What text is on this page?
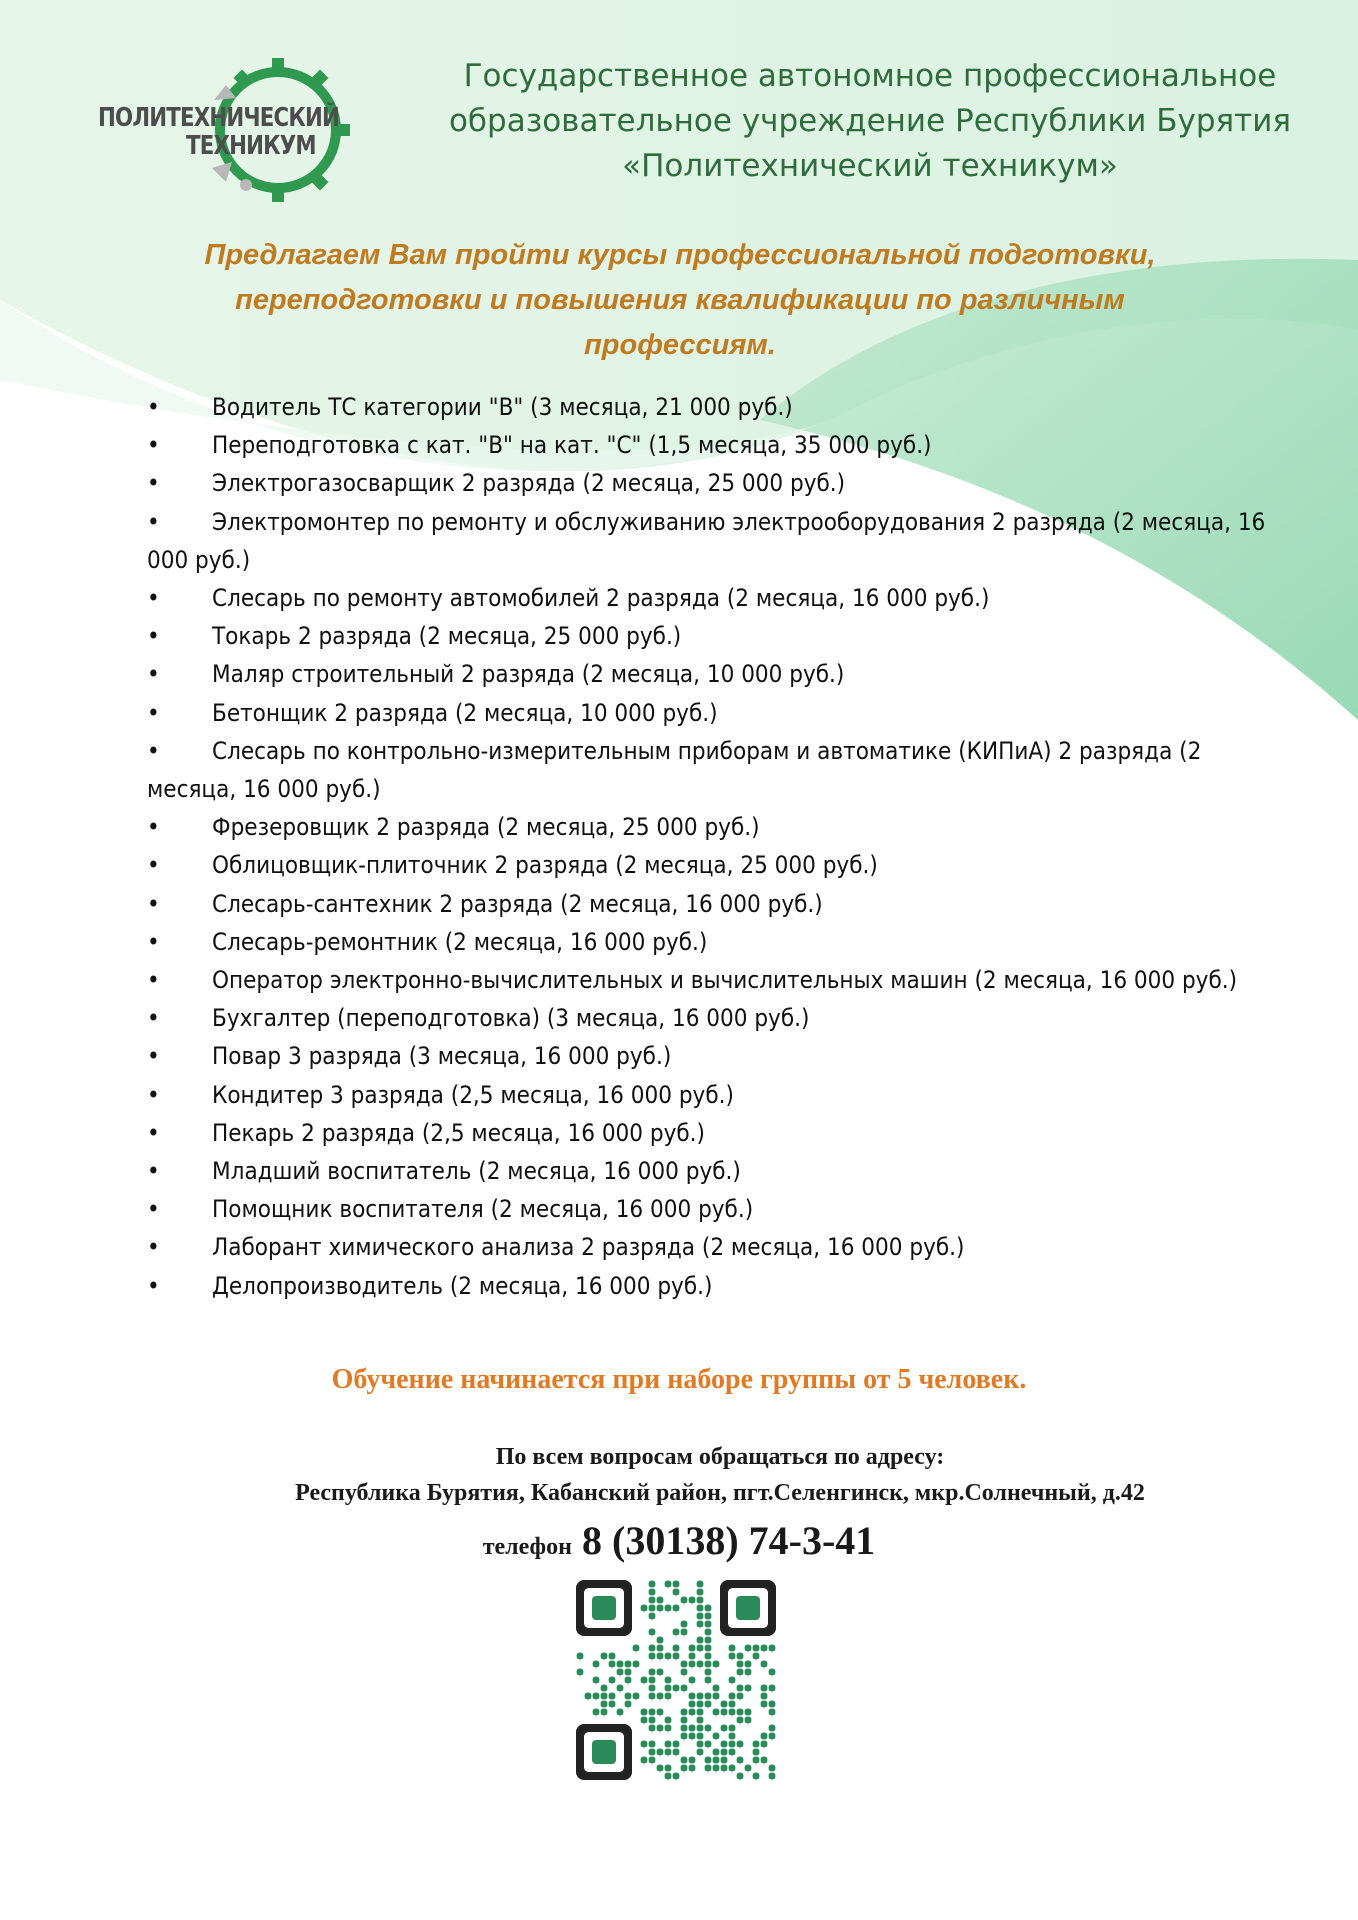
ПОЛИТЕХНИЧЕСКИЙ
ТЕХНИКУМ
Государственное автономное профессиональное
образовательное учреждение Республики Бурятия
«Политехнический техникум»
Предлагаем Вам пройти курсы профессиональной подготовки,
переподготовки и повышения квалификации по различным
профессиям.
• Водитель ТС категории "В" (3 месяца, 21 000 руб.)
• Переподготовка с кат. "В" на кат. "С" (1,5 месяца, 35 000 руб.)
• Электрогазосварщик 2 разряда (2 месяца, 25 000 руб.)
• Электромонтер по ремонту и обслуживанию электрооборудования 2 разряда (2 месяца, 16 000 руб.)
• Слесарь по ремонту автомобилей 2 разряда (2 месяца, 16 000 руб.)
• Токарь 2 разряда (2 месяца, 25 000 руб.)
• Маляр строительный 2 разряда (2 месяца, 10 000 руб.)
• Бетонщик 2 разряда (2 месяца, 10 000 руб.)
• Слесарь по контрольно-измерительным приборам и автоматике (КИПиА) 2 разряда (2 месяца, 16 000 руб.)
• Фрезеровщик 2 разряда (2 месяца, 25 000 руб.)
• Облицовщик-плиточник 2 разряда (2 месяца, 25 000 руб.)
• Слесарь-сантехник 2 разряда (2 месяца, 16 000 руб.)
• Слесарь-ремонтник (2 месяца, 16 000 руб.)
• Оператор электронно-вычислительных и вычислительных машин (2 месяца, 16 000 руб.)
• Бухгалтер (переподготовка) (3 месяца, 16 000 руб.)
• Повар 3 разряда (3 месяца, 16 000 руб.)
• Кондитер 3 разряда (2,5 месяца, 16 000 руб.)
• Пекарь 2 разряда (2,5 месяца, 16 000 руб.)
• Младший воспитатель (2 месяца, 16 000 руб.)
• Помощник воспитателя (2 месяца, 16 000 руб.)
• Лаборант химического анализа 2 разряда (2 месяца, 16 000 руб.)
• Делопроизводитель (2 месяца, 16 000 руб.)
Обучение начинается при наборе группы от 5 человек.
По всем вопросам обращаться по адресу:
Республика Бурятия, Кабанский район, пгт.Селенгинск, мкр.Солнечный, д.42
телефон 8 (30138) 74-3-41
